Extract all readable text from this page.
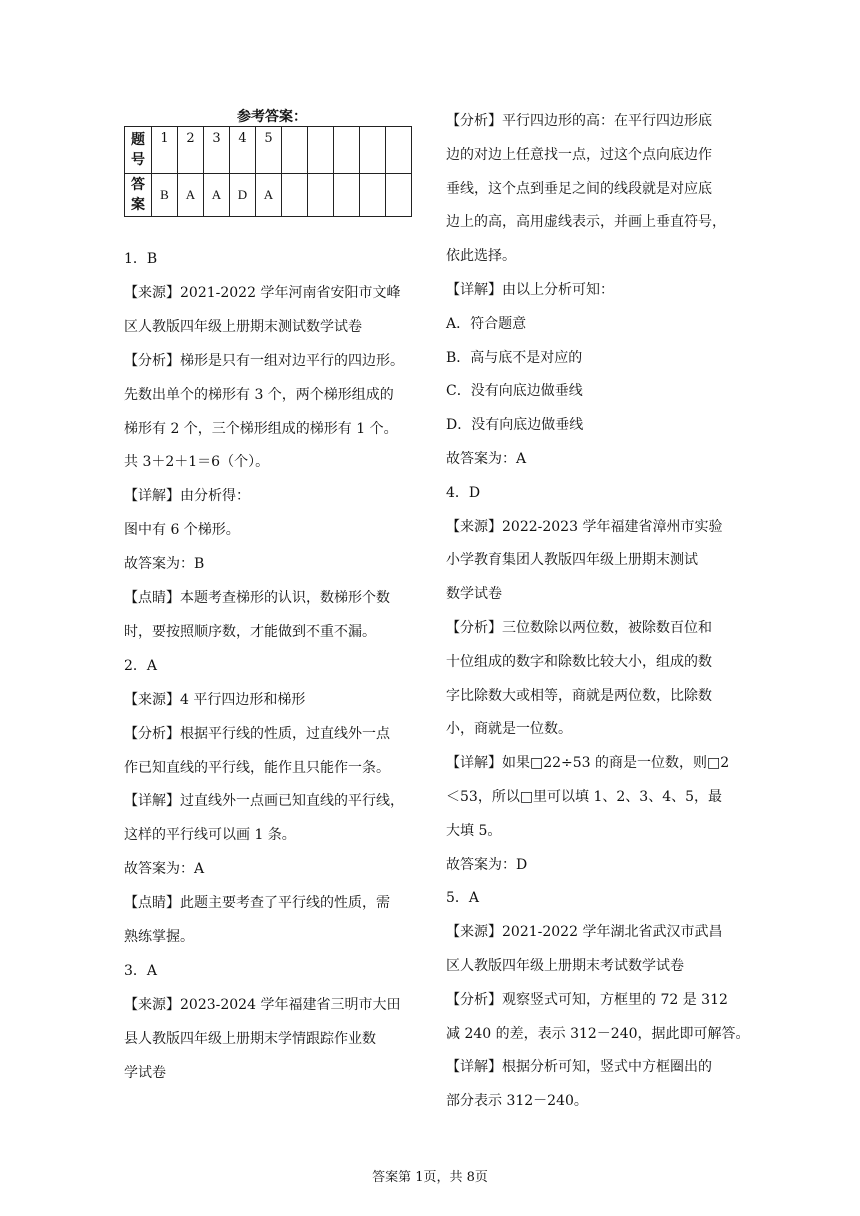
参考答案：
题号	1	2	3	4	5					
答案	B	A	A	D	A					
1．B
【来源】2021-2022 学年河南省安阳市文峰
区人教版四年级上册期末测试数学试卷
【分析】梯形是只有一组对边平行的四边形。
先数出单个的梯形有 3 个，两个梯形组成的
梯形有 2 个，三个梯形组成的梯形有 1 个。
共 3＋2＋1＝6（个）。
【详解】由分析得：
图中有 6 个梯形。
故答案为：B
【点睛】本题考查梯形的认识，数梯形个数
时，要按照顺序数，才能做到不重不漏。
2．A
【来源】4 平行四边形和梯形
【分析】根据平行线的性质，过直线外一点
作已知直线的平行线，能作且只能作一条。
【详解】过直线外一点画已知直线的平行线，
这样的平行线可以画 1 条。
故答案为：A
【点睛】此题主要考查了平行线的性质，需
熟练掌握。
3．A
【来源】2023-2024 学年福建省三明市大田
县人教版四年级上册期末学情跟踪作业数
学试卷
【分析】平行四边形的高：在平行四边形底
边的对边上任意找一点，过这个点向底边作
垂线，这个点到垂足之间的线段就是对应底
边上的高，高用虚线表示，并画上垂直符号，
依此选择。
【详解】由以上分析可知：
A．符合题意
B．高与底不是对应的
C．没有向底边做垂线
D．没有向底边做垂线
故答案为：A
4．D
【来源】2022-2023 学年福建省漳州市实验
小学教育集团人教版四年级上册期末测试
数学试卷
【分析】三位数除以两位数，被除数百位和
十位组成的数字和除数比较大小，组成的数
字比除数大或相等，商就是两位数，比除数
小，商就是一位数。
【详解】如果□22÷53 的商是一位数，则□2
＜53，所以□里可以填 1、2、3、4、5，最
大填 5。
故答案为：D
5．A
【来源】2021-2022 学年湖北省武汉市武昌
区人教版四年级上册期末考试数学试卷
【分析】观察竖式可知，方框里的 72 是 312
减 240 的差，表示 312－240，据此即可解答。
【详解】根据分析可知，竖式中方框圈出的
部分表示 312－240。
答案第 1页，共 8页
